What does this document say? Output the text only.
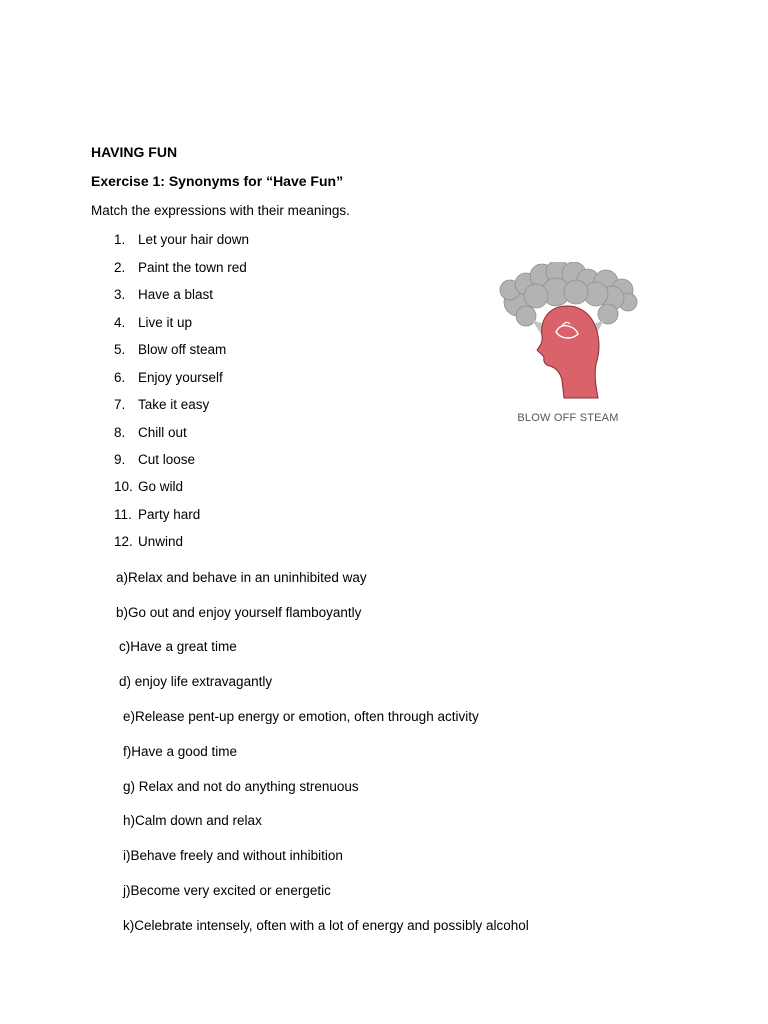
HAVING FUN
Exercise 1: Synonyms for “Have Fun”
Match the expressions with their meanings.
1. Let your hair down
2. Paint the town red
3. Have a blast
4. Live it up
5. Blow off steam
6. Enjoy yourself
7. Take it easy
8. Chill out
9. Cut loose
10. Go wild
11. Party hard
12. Unwind
a)Relax and behave in an uninhibited way
b)Go out and enjoy yourself flamboyantly
c)Have a great time
d) enjoy life extravagantly
e)Release pent-up energy or emotion, often through activity
f)Have a good time
g) Relax and not do anything strenuous
h)Calm down and relax
i)Behave freely and without inhibition
j)Become very excited or energetic
k)Celebrate intensely, often with a lot of energy and possibly alcohol
BLOW OFF STEAM
